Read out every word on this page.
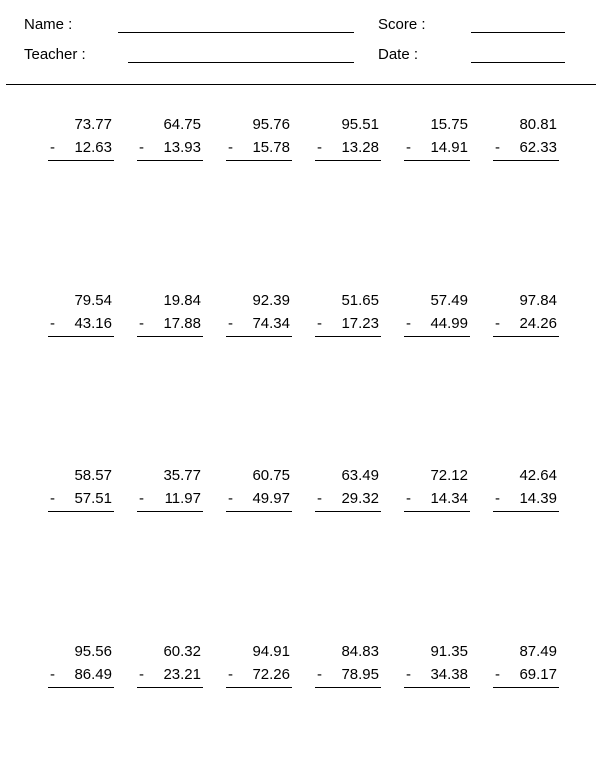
Name :	Score :
Teacher :	Date :
73.77
- 12.63
64.75
- 13.93
95.76
- 15.78
95.51
- 13.28
15.75
- 14.91
80.81
- 62.33
79.54
- 43.16
19.84
- 17.88
92.39
- 74.34
51.65
- 17.23
57.49
- 44.99
97.84
- 24.26
58.57
- 57.51
35.77
- 11.97
60.75
- 49.97
63.49
- 29.32
72.12
- 14.34
42.64
- 14.39
95.56
- 86.49
60.32
- 23.21
94.91
- 72.26
84.83
- 78.95
91.35
- 34.38
87.49
- 69.17
